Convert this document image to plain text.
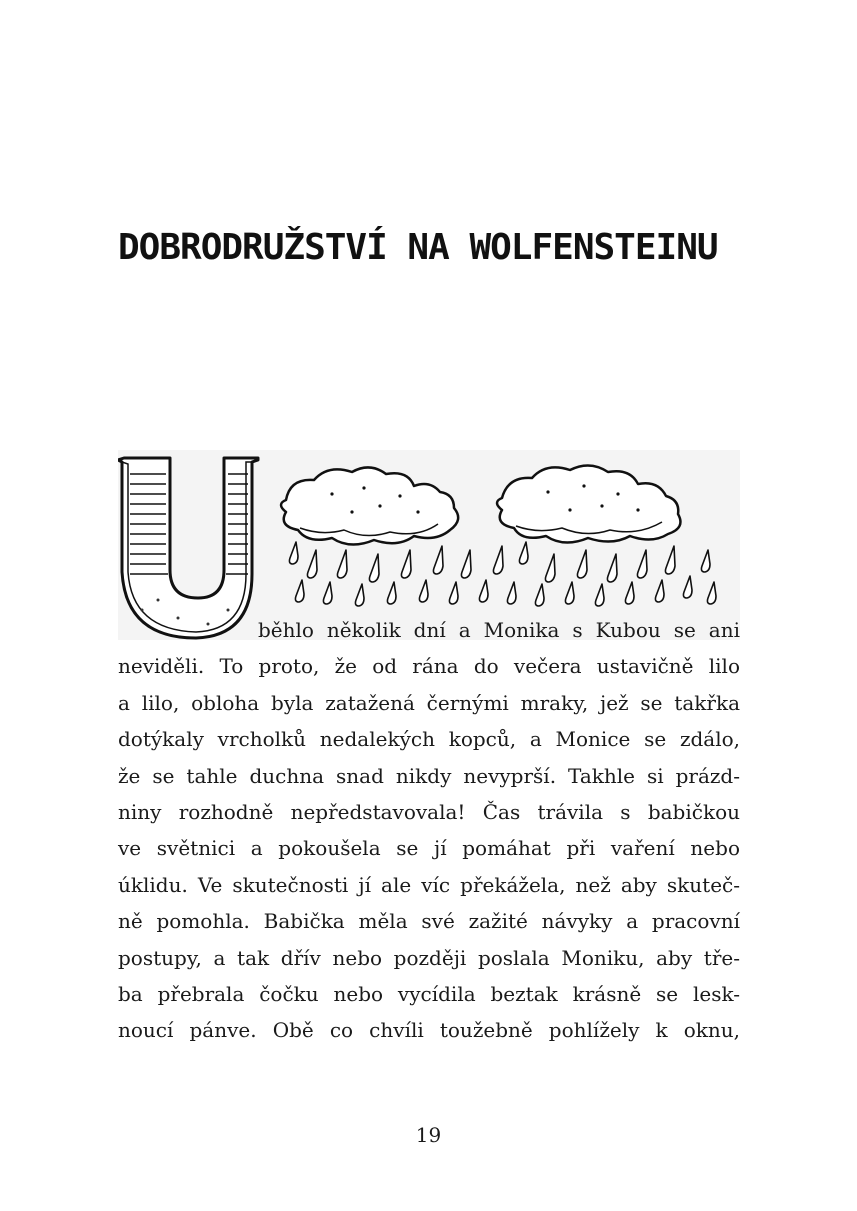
DOBRODRUŽSTVÍ NA WOLFENSTEINU
běhlo několik dní a Monika s Kubou se ani
neviděli. To proto, že od rána do večera ustavičně lilo
a lilo, obloha byla zatažená černými mraky, jež se takřka
dotýkaly vrcholků nedalekých kopců, a Monice se zdálo,
že se tahle duchna snad nikdy nevyprší. Takhle si prázd-
niny rozhodně nepředstavovala! Čas trávila s babičkou
ve světnici a pokoušela se jí pomáhat při vaření nebo
úklidu. Ve skutečnosti jí ale víc překážela, než aby skuteč-
ně pomohla. Babička měla své zažité návyky a pracovní
postupy, a tak dřív nebo později poslala Moniku, aby tře-
ba přebrala čočku nebo vycídila beztak krásně se lesk-
noucí pánve. Obě co chvíli toužebně pohlížely k oknu,
19
